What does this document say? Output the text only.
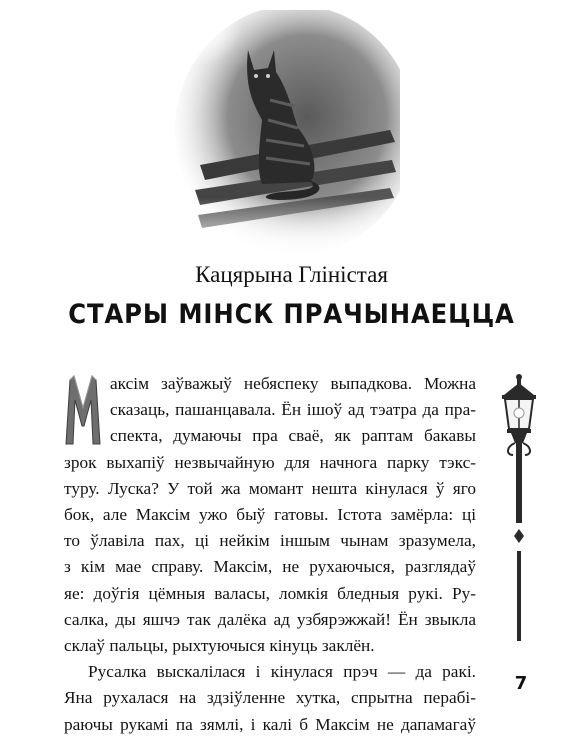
Кацярына Гліністая
СТАРЫ МІНСК ПРАЧЫНАЕЦЦА

аксім заўважыў небяспеку выпадкова. Можна
сказаць, пашанцавала. Ён ішоў ад тэатра да пра-
спекта, думаючы пра сваё, як раптам бакавы
зрок выхапіў незвычайную для начнога парку тэкс-
туру. Луска? У той жа момант нешта кінулася ў яго
бок, але Максім ужо быў гатовы. Істота замёрла: ці
то ўлавіла пах, ці нейкім іншым чынам зразумела,
з кім мае справу. Максім, не рухаючыся, разглядаў
яе: доўгія цёмныя валасы, ломкія бледныя рукі. Ру-
салка, ды яшчэ так далёка ад узбярэжжай! Ён звыкла
склаў пальцы, рыхтуючыся кінуць заклён.

Русалка выскалілася і кінулася прэч — да ракі.
Яна рухалася на здзіўленне хутка, спрытна перабі-
раючы рукамі па зямлі, і калі б Максім не дапамагаў

7
